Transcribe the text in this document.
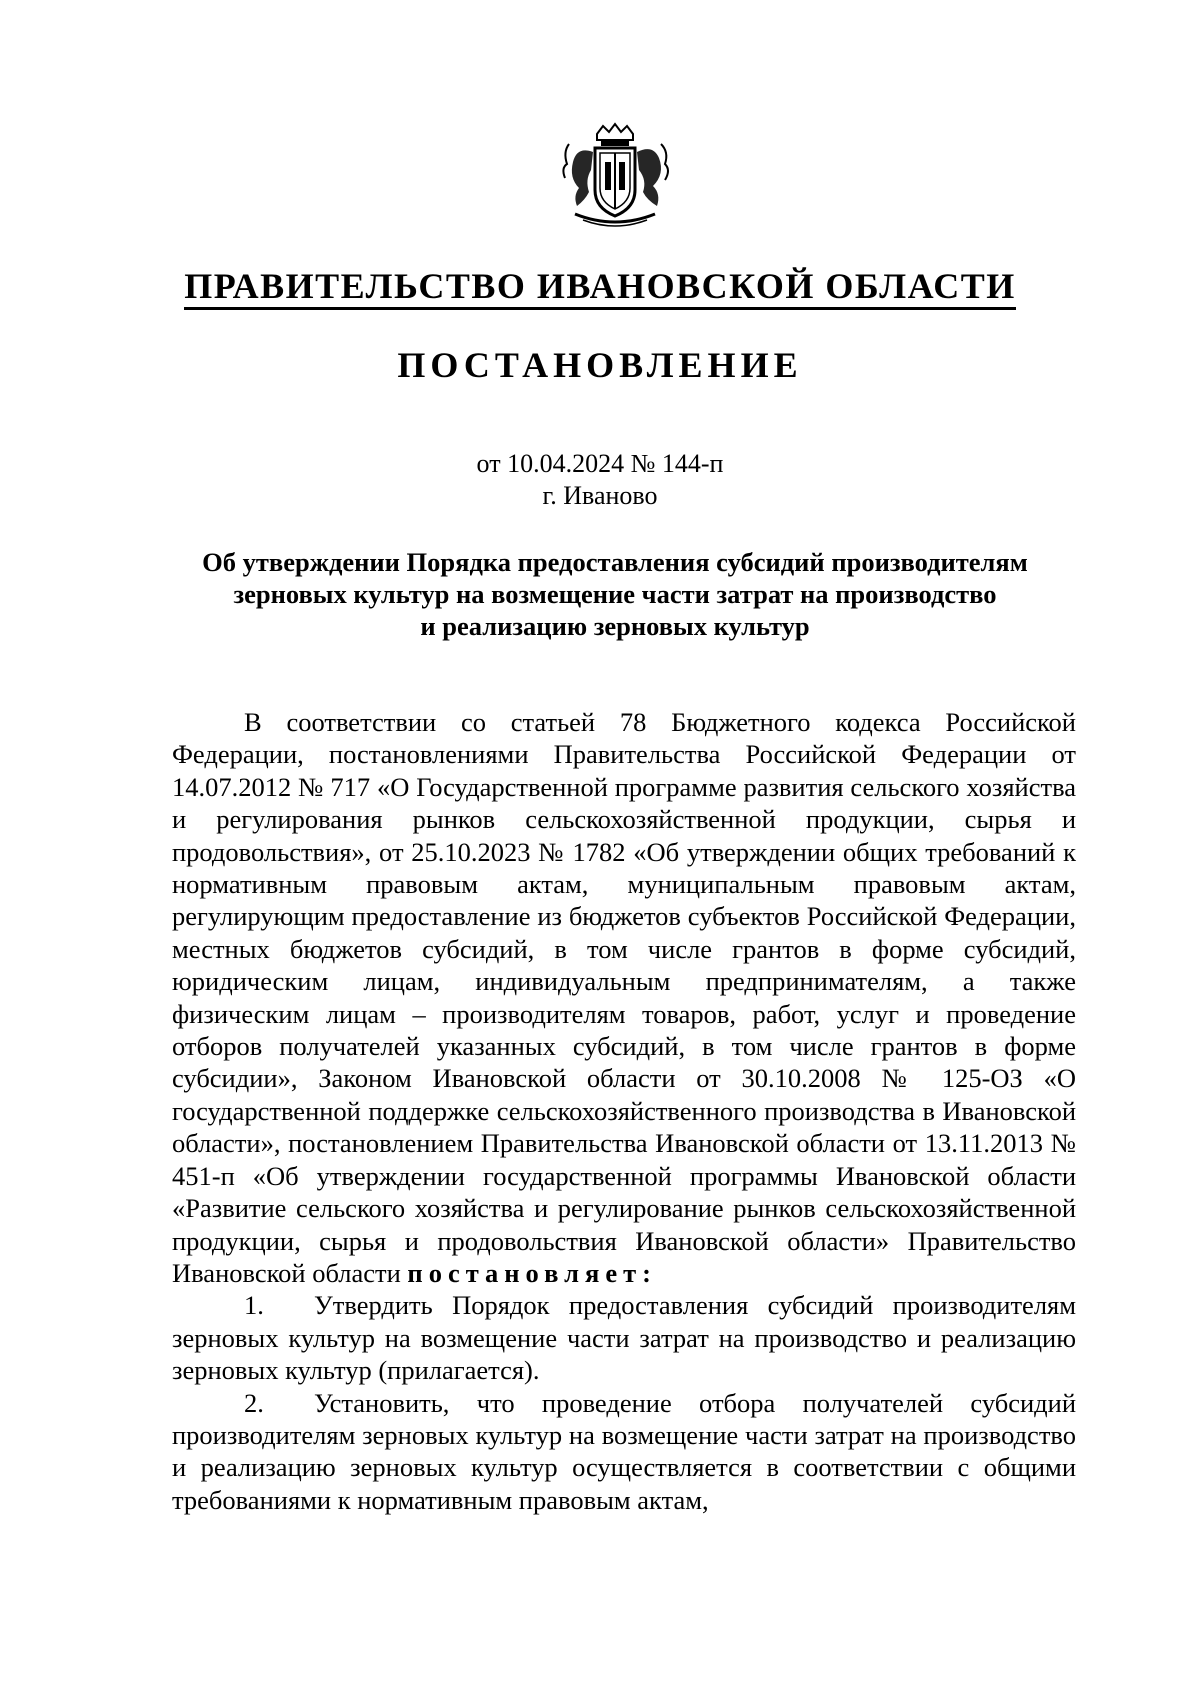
ПРАВИТЕЛЬСТВО ИВАНОВСКОЙ ОБЛАСТИ
ПОСТАНОВЛЕНИЕ
от 10.04.2024 № 144-п
г. Иваново
Об утверждении Порядка предоставления субсидий производителям
зерновых культур на возмещение части затрат на производство
и реализацию зерновых культур

В соответствии со статьей 78 Бюджетного кодекса Российской Федерации, постановлениями Правительства Российской Федерации от 14.07.2012 № 717 «О Государственной программе развития сельского хозяйства и регулирования рынков сельскохозяйственной продукции, сырья и продовольствия», от 25.10.2023 № 1782 «Об утверждении общих требований к нормативным правовым актам, муниципальным правовым актам, регулирующим предоставление из бюджетов субъектов Российской Федерации, местных бюджетов субсидий, в том числе грантов в форме субсидий, юридическим лицам, индивидуальным предпринимателям, а также физическим лицам – производителям товаров, работ, услуг и проведение отборов получателей указанных субсидий, в том числе грантов в форме субсидии», Законом Ивановской области от 30.10.2008 № 125-ОЗ «О государственной поддержке сельскохозяйственного производства в Ивановской области», постановлением Правительства Ивановской области от 13.11.2013 № 451-п «Об утверждении государственной программы Ивановской области «Развитие сельского хозяйства и регулирование рынков сельскохозяйственной продукции, сырья и продовольствия Ивановской области» Правительство Ивановской области постановляет:

1. Утвердить Порядок предоставления субсидий производителям зерновых культур на возмещение части затрат на производство и реализацию зерновых культур (прилагается).

2. Установить, что проведение отбора получателей субсидий производителям зерновых культур на возмещение части затрат на производство и реализацию зерновых культур осуществляется в соответствии с общими требованиями к нормативным правовым актам,
